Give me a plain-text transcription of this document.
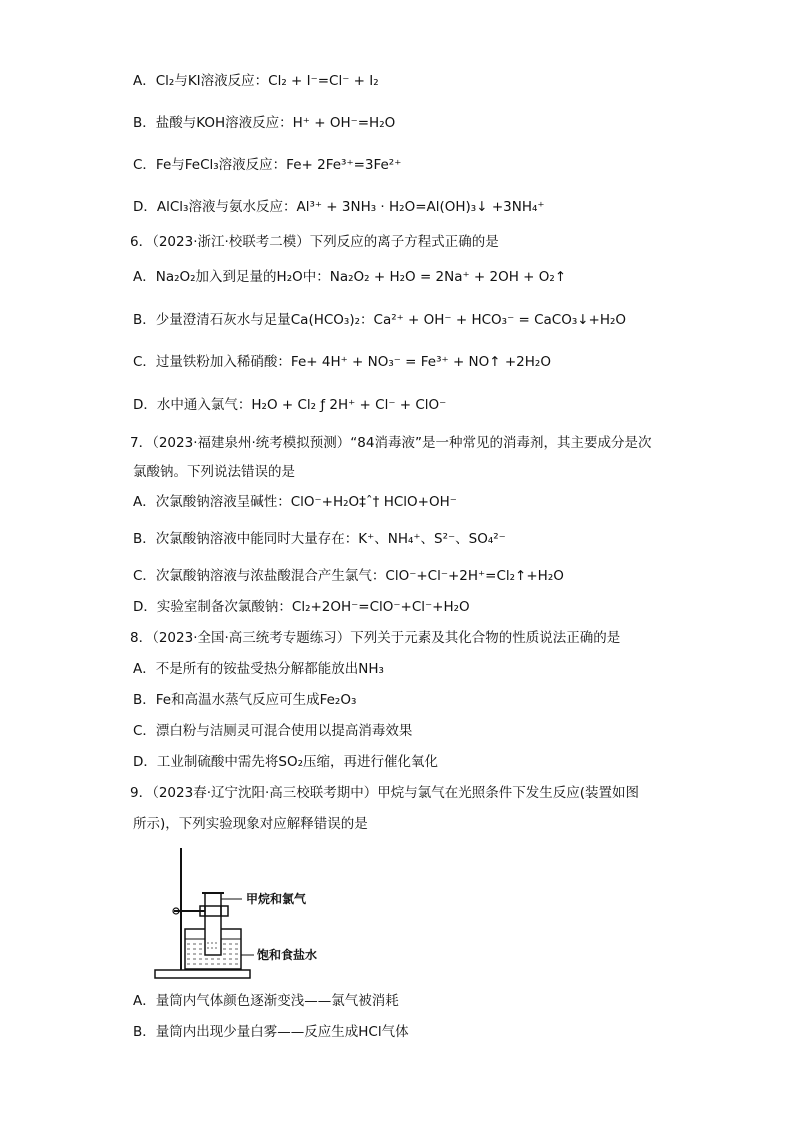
A．Cl₂与KI溶液反应：Cl₂ + I⁻=Cl⁻ + I₂
B．盐酸与KOH溶液反应：H⁺ + OH⁻=H₂O
C．Fe与FeCl₃溶液反应：Fe+ 2Fe³⁺=3Fe²⁺
D．AlCl₃溶液与氨水反应：Al³⁺ + 3NH₃ · H₂O=Al(OH)₃↓ +3NH₄⁺
6．（2023·浙江·校联考二模）下列反应的离子方程式正确的是
A．Na₂O₂加入到足量的H₂O中：Na₂O₂ + H₂O = 2Na⁺ + 2OH + O₂↑
B．少量澄清石灰水与足量Ca(HCO₃)₂：Ca²⁺ + OH⁻ + HCO₃⁻ = CaCO₃↓+H₂O
C．过量铁粉加入稀硝酸：Fe+ 4H⁺ + NO₃⁻ = Fe³⁺ + NO↑ +2H₂O
D．水中通入氯气：H₂O + Cl₂ ƒ 2H⁺ + Cl⁻ + ClO⁻
7．（2023·福建泉州·统考模拟预测）“84消毒液”是一种常见的消毒剂，其主要成分是次
氯酸钠。下列说法错误的是
A．次氯酸钠溶液呈碱性：ClO⁻+H₂O‡ˆ† HClO+OH⁻
B．次氯酸钠溶液中能同时大量存在：K⁺、NH₄⁺、S²⁻、SO₄²⁻
C．次氯酸钠溶液与浓盐酸混合产生氯气：ClO⁻+Cl⁻+2H⁺=Cl₂↑+H₂O
D．实验室制备次氯酸钠：Cl₂+2OH⁻=ClO⁻+Cl⁻+H₂O
8．（2023·全国·高三统考专题练习）下列关于元素及其化合物的性质说法正确的是
A．不是所有的铵盐受热分解都能放出NH₃
B．Fe和高温水蒸气反应可生成Fe₂O₃
C．漂白粉与洁厕灵可混合使用以提高消毒效果
D．工业制硫酸中需先将SO₂压缩，再进行催化氧化
9．（2023春·辽宁沈阳·高三校联考期中）甲烷与氯气在光照条件下发生反应(装置如图
所示)，下列实验现象对应解释错误的是
甲烷和氯气
饱和食盐水
A．量筒内气体颜色逐渐变浅——氯气被消耗
B．量筒内出现少量白雾——反应生成HCl气体
